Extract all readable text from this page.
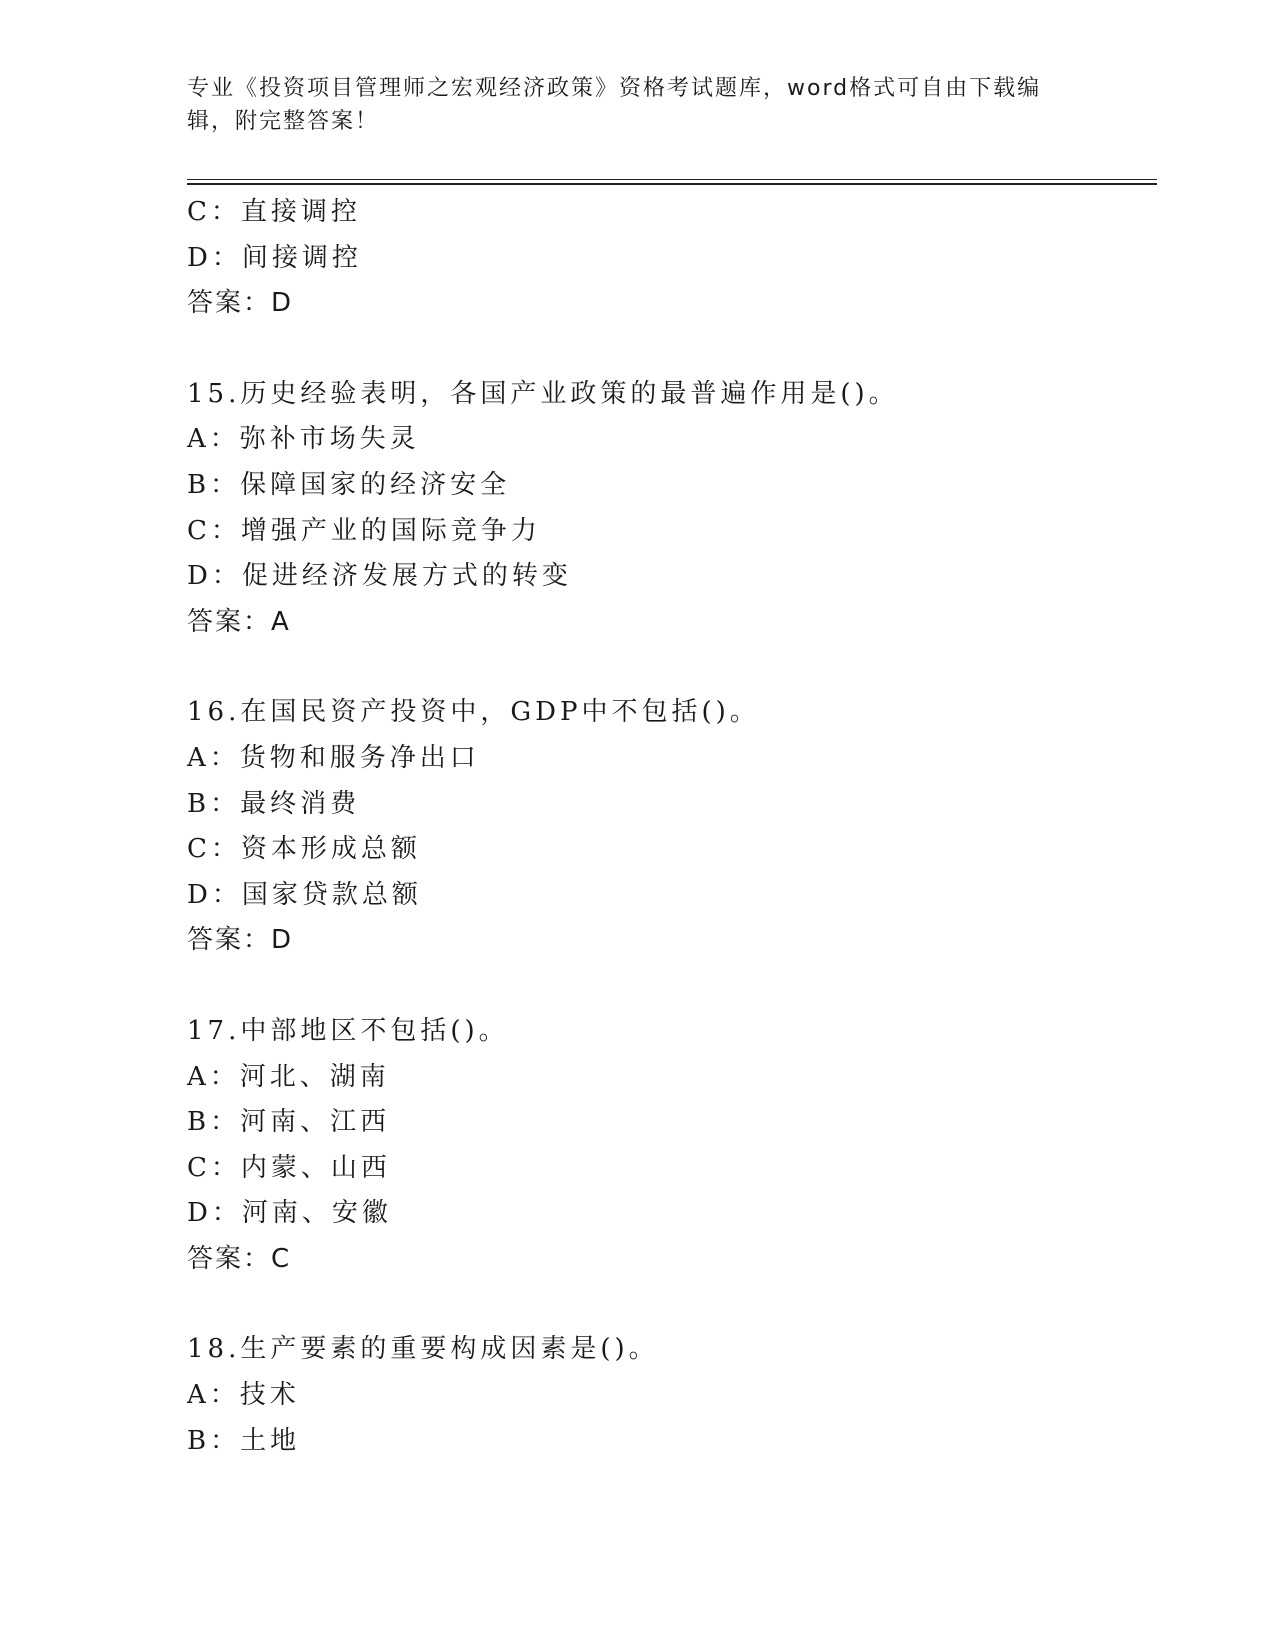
专业《投资项目管理师之宏观经济政策》资格考试题库，word格式可自由下载编
辑，附完整答案！
C：直接调控
D：间接调控
答案：D
15.历史经验表明，各国产业政策的最普遍作用是()。
A：弥补市场失灵
B：保障国家的经济安全
C：增强产业的国际竞争力
D：促进经济发展方式的转变
答案：A
16.在国民资产投资中，GDP中不包括()。
A：货物和服务净出口
B：最终消费
C：资本形成总额
D：国家贷款总额
答案：D
17.中部地区不包括()。
A：河北、湖南
B：河南、江西
C：内蒙、山西
D：河南、安徽
答案：C
18.生产要素的重要构成因素是()。
A：技术
B：土地
